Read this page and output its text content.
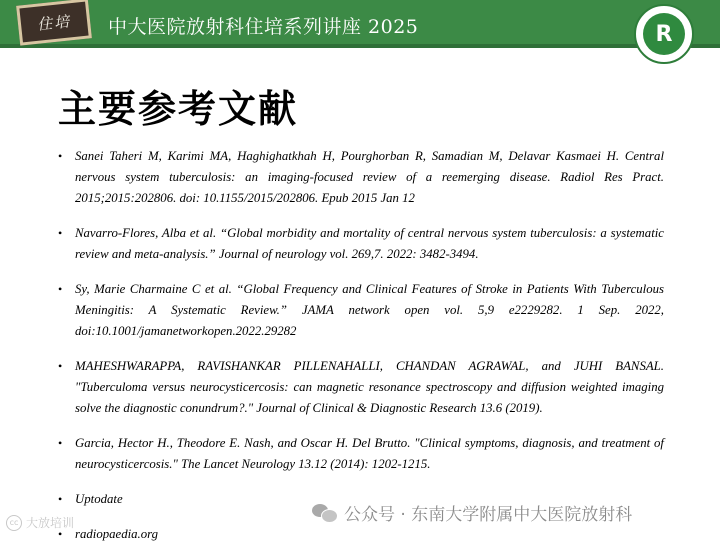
住培 中大医院放射科住培系列讲座 2025	R
主要参考文献
• Sanei Taheri M, Karimi MA, Haghighatkhah H, Pourghorban R, Samadian M, Delavar Kasmaei H. Central nervous system tuberculosis: an imaging-focused review of a reemerging disease. Radiol Res Pract. 2015;2015:202806. doi: 10.1155/2015/202806. Epub 2015 Jan 12
• Navarro-Flores, Alba et al. “Global morbidity and mortality of central nervous system tuberculosis: a systematic review and meta-analysis.” Journal of neurology vol. 269,7. 2022: 3482-3494.
• Sy, Marie Charmaine C et al. “Global Frequency and Clinical Features of Stroke in Patients With Tuberculous Meningitis: A Systematic Review.” JAMA network open vol. 5,9 e2229282. 1 Sep. 2022, doi:10.1001/jamanetworkopen.2022.29282
• MAHESHWARAPPA, RAVISHANKAR PILLENAHALLI, CHANDAN AGRAWAL, and JUHI BANSAL. "Tuberculoma versus neurocysticercosis: can magnetic resonance spectroscopy and diffusion weighted imaging solve the diagnostic conundrum?." Journal of Clinical & Diagnostic Research 13.6 (2019).
• Garcia, Hector H., Theodore E. Nash, and Oscar H. Del Brutto. "Clinical symptoms, diagnosis, and treatment of neurocysticercosis." The Lancet Neurology 13.12 (2014): 1202-1215.
• Uptodate
• radiopaedia.org
公众号 · 东南大学附属中大医院放射科
cc 大放培训
